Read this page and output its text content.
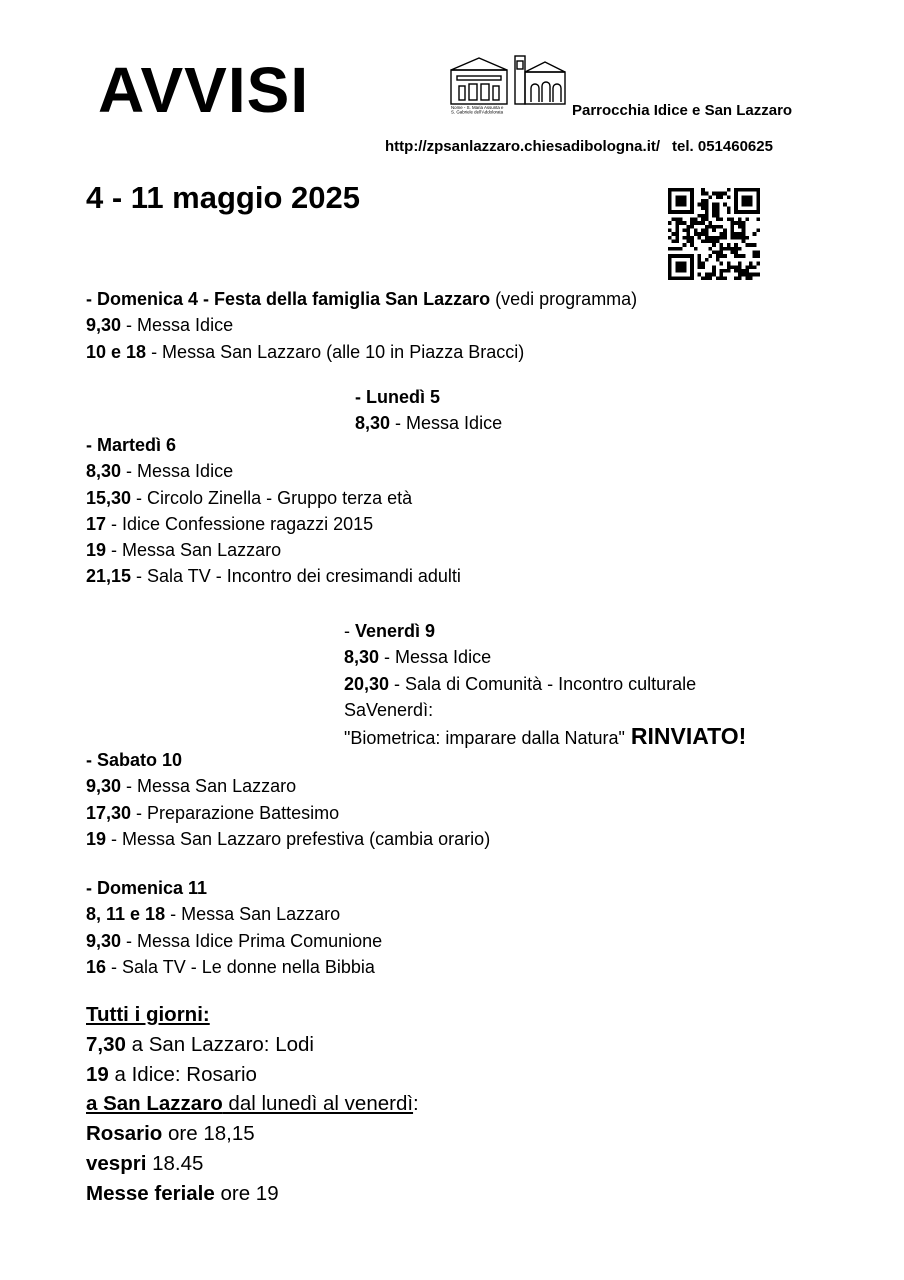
AVVISI	Nome - S. Maria Assunta e
S. Gabriele dell'Addolorata	Parrocchia Idice e San Lazzaro
http://zpsanlazzaro.chiesadibologna.it/ tel. 051460625
4 - 11 maggio 2025
- Domenica 4 - Festa della famiglia San Lazzaro (vedi programma)
9,30 - Messa Idice
10 e 18 - Messa San Lazzaro (alle 10 in Piazza Bracci)
- Lunedì 5
8,30 - Messa Idice
- Martedì 6
8,30 - Messa Idice
15,30 - Circolo Zinella - Gruppo terza età
17 - Idice Confessione ragazzi 2015
19 - Messa San Lazzaro
21,15 - Sala TV - Incontro dei cresimandi adulti
- Venerdì 9
8,30 - Messa Idice
20,30 - Sala di Comunità - Incontro culturale
SaVenerdì:
"Biometrica: imparare dalla Natura" RINVIATO!
- Sabato 10
9,30 - Messa San Lazzaro
17,30 - Preparazione Battesimo
19 - Messa San Lazzaro prefestiva (cambia orario)
- Domenica 11
8, 11 e 18 - Messa San Lazzaro
9,30 - Messa Idice Prima Comunione
16 - Sala TV - Le donne nella Bibbia
Tutti i giorni:
7,30 a San Lazzaro: Lodi
19 a Idice: Rosario
a San Lazzaro dal lunedì al venerdì:
Rosario ore 18,15
vespri 18.45
Messe feriale ore 19
